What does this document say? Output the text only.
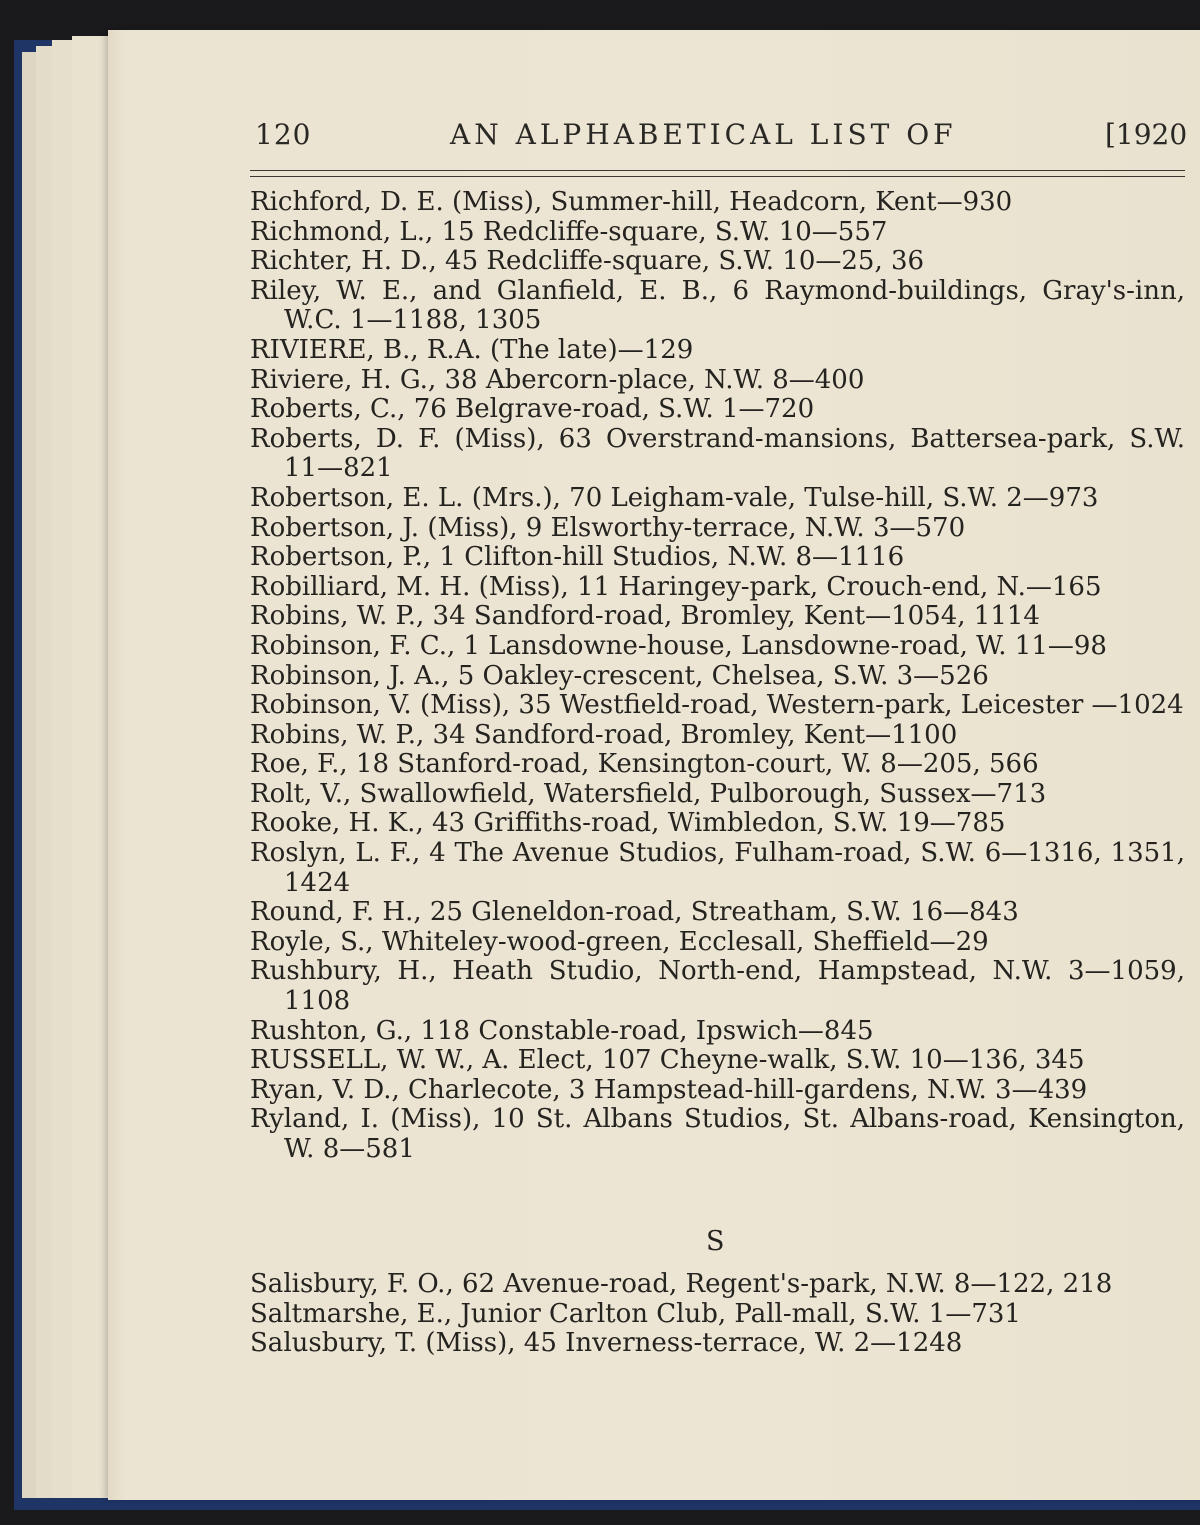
120	AN ALPHABETICAL LIST OF	[1920
Richford, D. E. (Miss), Summer-hill, Headcorn, Kent—930
Richmond, L., 15 Redcliffe-square, S.W. 10—557
Richter, H. D., 45 Redcliffe-square, S.W. 10—25, 36
Riley, W. E., and Glanfield, E. B., 6 Raymond-buildings, Gray's-inn, W.C. 1—1188, 1305
RIVIERE, B., R.A. (The late)—129
Riviere, H. G., 38 Abercorn-place, N.W. 8—400
Roberts, C., 76 Belgrave-road, S.W. 1—720
Roberts, D. F. (Miss), 63 Overstrand-mansions, Battersea-park, S.W. 11—821
Robertson, E. L. (Mrs.), 70 Leigham-vale, Tulse-hill, S.W. 2—973
Robertson, J. (Miss), 9 Elsworthy-terrace, N.W. 3—570
Robertson, P., 1 Clifton-hill Studios, N.W. 8—1116
Robilliard, M. H. (Miss), 11 Haringey-park, Crouch-end, N.—165
Robins, W. P., 34 Sandford-road, Bromley, Kent—1054, 1114
Robinson, F. C., 1 Lansdowne-house, Lansdowne-road, W. 11—98
Robinson, J. A., 5 Oakley-crescent, Chelsea, S.W. 3—526
Robinson, V. (Miss), 35 Westfield-road, Western-park, Leicester —1024
Robins, W. P., 34 Sandford-road, Bromley, Kent—1100
Roe, F., 18 Stanford-road, Kensington-court, W. 8—205, 566
Rolt, V., Swallowfield, Watersfield, Pulborough, Sussex—713
Rooke, H. K., 43 Griffiths-road, Wimbledon, S.W. 19—785
Roslyn, L. F., 4 The Avenue Studios, Fulham-road, S.W. 6—1316, 1351, 1424
Round, F. H., 25 Gleneldon-road, Streatham, S.W. 16—843
Royle, S., Whiteley-wood-green, Ecclesall, Sheffield—29
Rushbury, H., Heath Studio, North-end, Hampstead, N.W. 3—1059, 1108
Rushton, G., 118 Constable-road, Ipswich—845
RUSSELL, W. W., A. Elect, 107 Cheyne-walk, S.W. 10—136, 345
Ryan, V. D., Charlecote, 3 Hampstead-hill-gardens, N.W. 3—439
Ryland, I. (Miss), 10 St. Albans Studios, St. Albans-road, Kensington, W. 8—581
S
Salisbury, F. O., 62 Avenue-road, Regent's-park, N.W. 8—122, 218
Saltmarshe, E., Junior Carlton Club, Pall-mall, S.W. 1—731
Salusbury, T. (Miss), 45 Inverness-terrace, W. 2—1248
